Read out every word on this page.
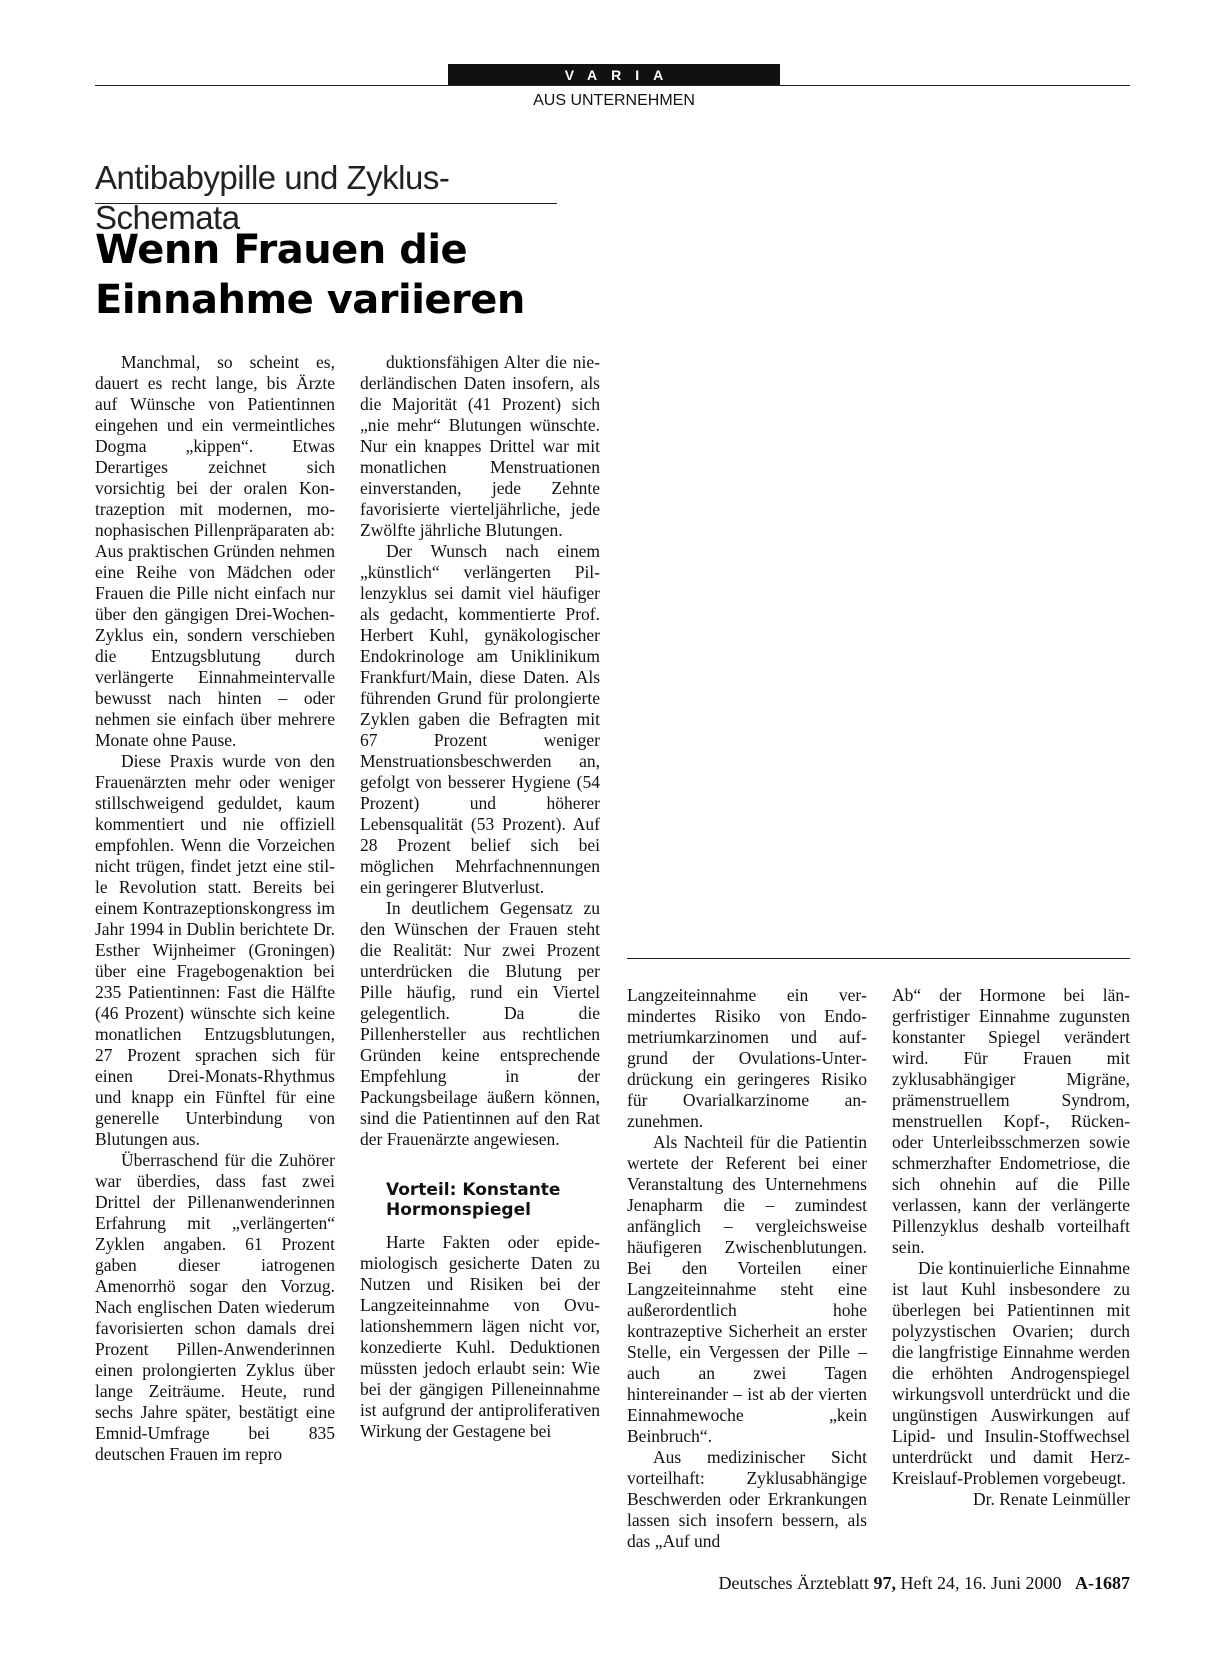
VARIA
AUS UNTERNEHMEN
Antibabypille und Zyklus-Schemata
Wenn Frauen die
Einnahme variieren

Manchmal, so scheint es, dauert es recht lange, bis Ärzte auf Wünsche von Patientinnen eingehen und ein vermeintliches Dogma „kippen“. Etwas Derartiges zeichnet sich vorsichtig bei der oralen Kontrazeption mit modernen, monophasischen Pillenpräparaten ab: Aus praktischen Gründen nehmen eine Reihe von Mädchen oder Frauen die Pille nicht einfach nur über den gängigen Drei-Wochen-Zyklus ein, sondern verschieben die Entzugsblutung durch verlängerte Einnahmeintervalle bewusst nach hinten – oder nehmen sie einfach über mehrere Monate ohne Pause.

Diese Praxis wurde von den Frauenärzten mehr oder weniger stillschweigend geduldet, kaum kommentiert und nie offiziell empfohlen. Wenn die Vorzeichen nicht trügen, findet jetzt eine stille Revolution statt. Bereits bei einem Kontrazeptionskongress im Jahr 1994 in Dublin berichtete Dr. Esther Wijnheimer (Groningen) über eine Fragebogenaktion bei 235 Patientinnen: Fast die Hälfte (46 Prozent) wünschte sich keine monatlichen Entzugsblutungen, 27 Prozent sprachen sich für einen Drei-Monats-Rhythmus und knapp ein Fünftel für eine generelle Unterbindung von Blutungen aus.

Überraschend für die Zuhörer war überdies, dass fast zwei Drittel der Pillenanwenderinnen Erfahrung mit „verlängerten“ Zyklen angaben. 61 Prozent gaben dieser iatrogenen Amenorrhö sogar den Vorzug. Nach englischen Daten wiederum favorisierten schon damals drei Prozent Pillen-Anwenderinnen einen prolongierten Zyklus über lange Zeiträume. Heute, rund sechs Jahre später, bestätigt eine Emnid-Umfrage bei 835 deutschen Frauen im repro

duktionsfähigen Alter die niederländischen Daten insofern, als die Majorität (41 Prozent) sich „nie mehr“ Blutungen wünschte. Nur ein knappes Drittel war mit monatlichen Menstruationen einverstanden, jede Zehnte favorisierte vierteljährliche, jede Zwölfte jährliche Blutungen.

Der Wunsch nach einem „künstlich“ verlängerten Pillenzyklus sei damit viel häufiger als gedacht, kommentierte Prof. Herbert Kuhl, gynäkologischer Endokrinologe am Uniklinikum Frankfurt/Main, diese Daten. Als führenden Grund für prolongierte Zyklen gaben die Befragten mit 67 Prozent weniger Menstruationsbeschwerden an, gefolgt von besserer Hygiene (54 Prozent) und höherer Lebensqualität (53 Prozent). Auf 28 Prozent belief sich bei möglichen Mehrfachnennungen ein geringerer Blutverlust.

In deutlichem Gegensatz zu den Wünschen der Frauen steht die Realität: Nur zwei Prozent unterdrücken die Blutung per Pille häufig, rund ein Viertel gelegentlich. Da die Pillenhersteller aus rechtlichen Gründen keine entsprechende Empfehlung in der Packungsbeilage äußern können, sind die Patientinnen auf den Rat der Frauenärzte angewiesen.

Vorteil: Konstante
Hormonspiegel

Harte Fakten oder epidemiologisch gesicherte Daten zu Nutzen und Risiken bei der Langzeiteinnahme von Ovulationshemmern lägen nicht vor, konzedierte Kuhl. Deduktionen müssten jedoch erlaubt sein: Wie bei der gängigen Pilleneinnahme ist aufgrund der antiproliferativen Wirkung der Gestagene bei

Langzeiteinnahme ein vermindertes Risiko von Endometriumkarzinomen und aufgrund der Ovulations-Unterdrückung ein geringeres Risiko für Ovarialkarzinome anzunehmen.

Als Nachteil für die Patientin wertete der Referent bei einer Veranstaltung des Unternehmens Jenapharm die – zumindest anfänglich – vergleichsweise häufigeren Zwischenblutungen. Bei den Vorteilen einer Langzeiteinnahme steht eine außerordentlich hohe kontrazeptive Sicherheit an erster Stelle, ein Vergessen der Pille – auch an zwei Tagen hintereinander – ist ab der vierten Einnahmewoche „kein Beinbruch“.

Aus medizinischer Sicht vorteilhaft: Zyklusabhängige Beschwerden oder Erkrankungen lassen sich insofern bessern, als das „Auf und

Ab“ der Hormone bei längerfristiger Einnahme zugunsten konstanter Spiegel verändert wird. Für Frauen mit zyklusabhängiger Migräne, prämenstruellem Syndrom, menstruellen Kopf-, Rücken- oder Unterleibsschmerzen sowie schmerzhafter Endometriose, die sich ohnehin auf die Pille verlassen, kann der verlängerte Pillenzyklus deshalb vorteilhaft sein.

Die kontinuierliche Einnahme ist laut Kuhl insbesondere zu überlegen bei Patientinnen mit polyzystischen Ovarien; durch die langfristige Einnahme werden die erhöhten Androgenspiegel wirkungsvoll unterdrückt und die ungünstigen Auswirkungen auf Lipid- und Insulin-Stoffwechsel unterdrückt und damit Herz-Kreislauf-Problemen vorgebeugt.

Dr. Renate Leinmüller

Deutsches Ärzteblatt 97, Heft 24, 16. Juni 2000 A-1687
